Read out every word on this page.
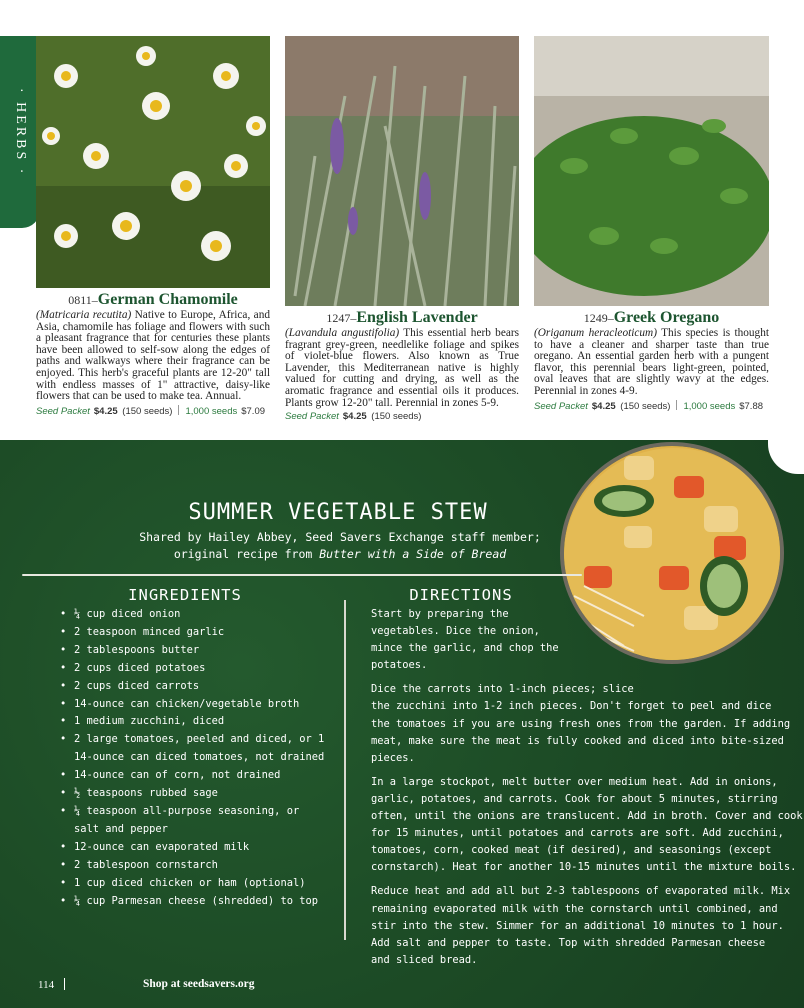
· HERBS ·
0811–German Chamomile
(Matricaria recutita) Native to Europe, Africa, and Asia, chamomile has foliage and flowers with such a pleasant fragrance that for centuries these plants have been allowed to self-sow along the edges of paths and walkways where their fragrance can be enjoyed. This herb's graceful plants are 12-20" tall with endless masses of 1" attractive, daisy-like flowers that can be used to make tea. Annual.
Seed Packet $4.25 (150 seeds) 1,000 seeds $7.09
1247–English Lavender
(Lavandula angustifolia) This essential herb bears fragrant grey-green, needlelike foliage and spikes of violet-blue flowers. Also known as True Lavender, this Mediterranean native is highly valued for cutting and drying, as well as the aromatic fragrance and essential oils it produces. Plants grow 12-20" tall. Perennial in zones 5-9.
Seed Packet $4.25 (150 seeds)
1249–Greek Oregano
(Origanum heracleoticum) This species is thought to have a cleaner and sharper taste than true oregano. An essential garden herb with a pungent flavor, this perennial bears light-green, pointed, oval leaves that are slightly wavy at the edges. Perennial in zones 4-9.
Seed Packet $4.25 (150 seeds) 1,000 seeds $7.88
SUMMER VEGETABLE STEW
Shared by Hailey Abbey, Seed Savers Exchange staff member;
original recipe from Butter with a Side of Bread
INGREDIENTS	DIRECTIONS
• ¼ cup diced onion
• 2 teaspoon minced garlic
• 2 tablespoons butter
• 2 cups diced potatoes
• 2 cups diced carrots
• 14-ounce can chicken/vegetable broth
• 1 medium zucchini, diced
• 2 large tomatoes, peeled and diced, or 1 14-ounce can diced tomatoes, not drained
• 14-ounce can of corn, not drained
• ½ teaspoons rubbed sage
• ¼ teaspoon all-purpose seasoning, or salt and pepper
• 12-ounce can evaporated milk
• 2 tablespoon cornstarch
• 1 cup diced chicken or ham (optional)
• ¼ cup Parmesan cheese (shredded) to top

Start by preparing the
vegetables. Dice the onion,
mince the garlic, and chop the
potatoes.

Dice the carrots into 1-inch pieces; slice
the zucchini into 1-2 inch pieces. Don't forget to peel and dice
the tomatoes if you are using fresh ones from the garden. If adding
meat, make sure the meat is fully cooked and diced into bite-sized
pieces.

In a large stockpot, melt butter over medium heat. Add in onions,
garlic, potatoes, and carrots. Cook for about 5 minutes, stirring
often, until the onions are translucent. Add in broth. Cover and cook
for 15 minutes, until potatoes and carrots are soft. Add zucchini,
tomatoes, corn, cooked meat (if desired), and seasonings (except
cornstarch). Heat for another 10-15 minutes until the mixture boils.

Reduce heat and add all but 2-3 tablespoons of evaporated milk. Mix
remaining evaporated milk with the cornstarch until combined, and
stir into the stew. Simmer for an additional 10 minutes to 1 hour.
Add salt and pepper to taste. Top with shredded Parmesan cheese
and sliced bread.

114	Shop at seedsavers.org
